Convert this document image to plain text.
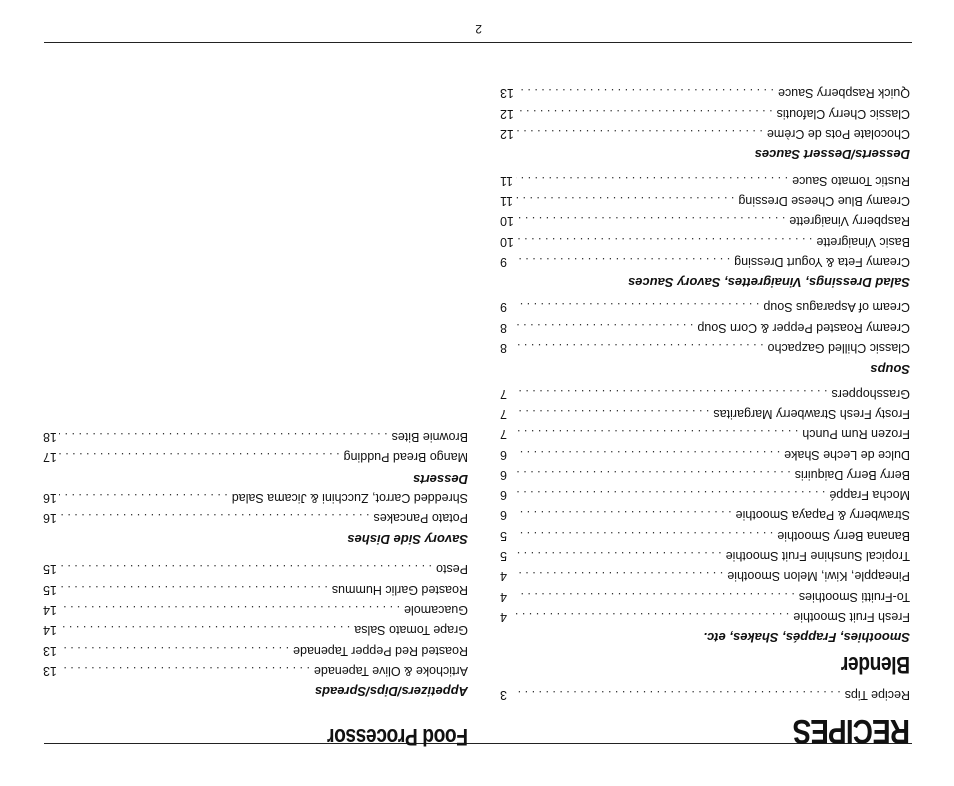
RECIPES
Recipe Tips
. . .
3
Blender
Smoothies, Frappés, Shakes, etc.
Fresh Fruit Smoothie
. . .
4
To-Fruitti Smoothies
. . .
4
Pineapple, Kiwi, Melon Smoothie
. . .
4
Tropical Sunshine Fruit Smoothie
. . .
5
Banana Berry Smoothie
. . .
5
Strawberry & Papaya Smoothie
. . .
6
Mocha Frappé
. . .
6
Berry Berry Daiquiris
. . .
6
Dulce de Leche Shake
. . .
6
Frozen Rum Punch
. . .
7
Frosty Fresh Strawberry Margaritas
. . .
7
Grasshoppers
. . .
7
Soups
Classic Chilled Gazpacho
. . .
8
Creamy Roasted Pepper & Corn Soup
. . .
8
Cream of Asparagus Soup
. . .
9
Salad Dressings, Vinaigrettes, Savory Sauces
Creamy Feta & Yogurt Dressing
. . .
9
Basic Vinaigrette
. . .
10
Raspberry Vinaigrette
. . .
10
Creamy Blue Cheese Dressing
. . .
11
Rustic Tomato Sauce
. . .
11
Desserts/Dessert Sauces
Chocolate Pots de Crème
. . .
12
Classic Cherry Clafoutis
. . .
12
Quick Raspberry Sauce
. . .
13
Food Processor
Appetizers/Dips/Spreads
Artichoke & Olive Tapenade
. . .
13
Roasted Red Pepper Tapenade
. . .
13
Grape Tomato Salsa
. . .
14
Guacamole
. . .
14
Roasted Garlic Hummus
. . .
15
Pesto
. . .
15
Savory Side Dishes
Potato Pancakes
. . .
16
Shredded Carrot, Zucchini & Jicama Salad
. . .
16
Desserts
Mango Bread Pudding
. . .
17
Brownie Bites
. . .
18
2
